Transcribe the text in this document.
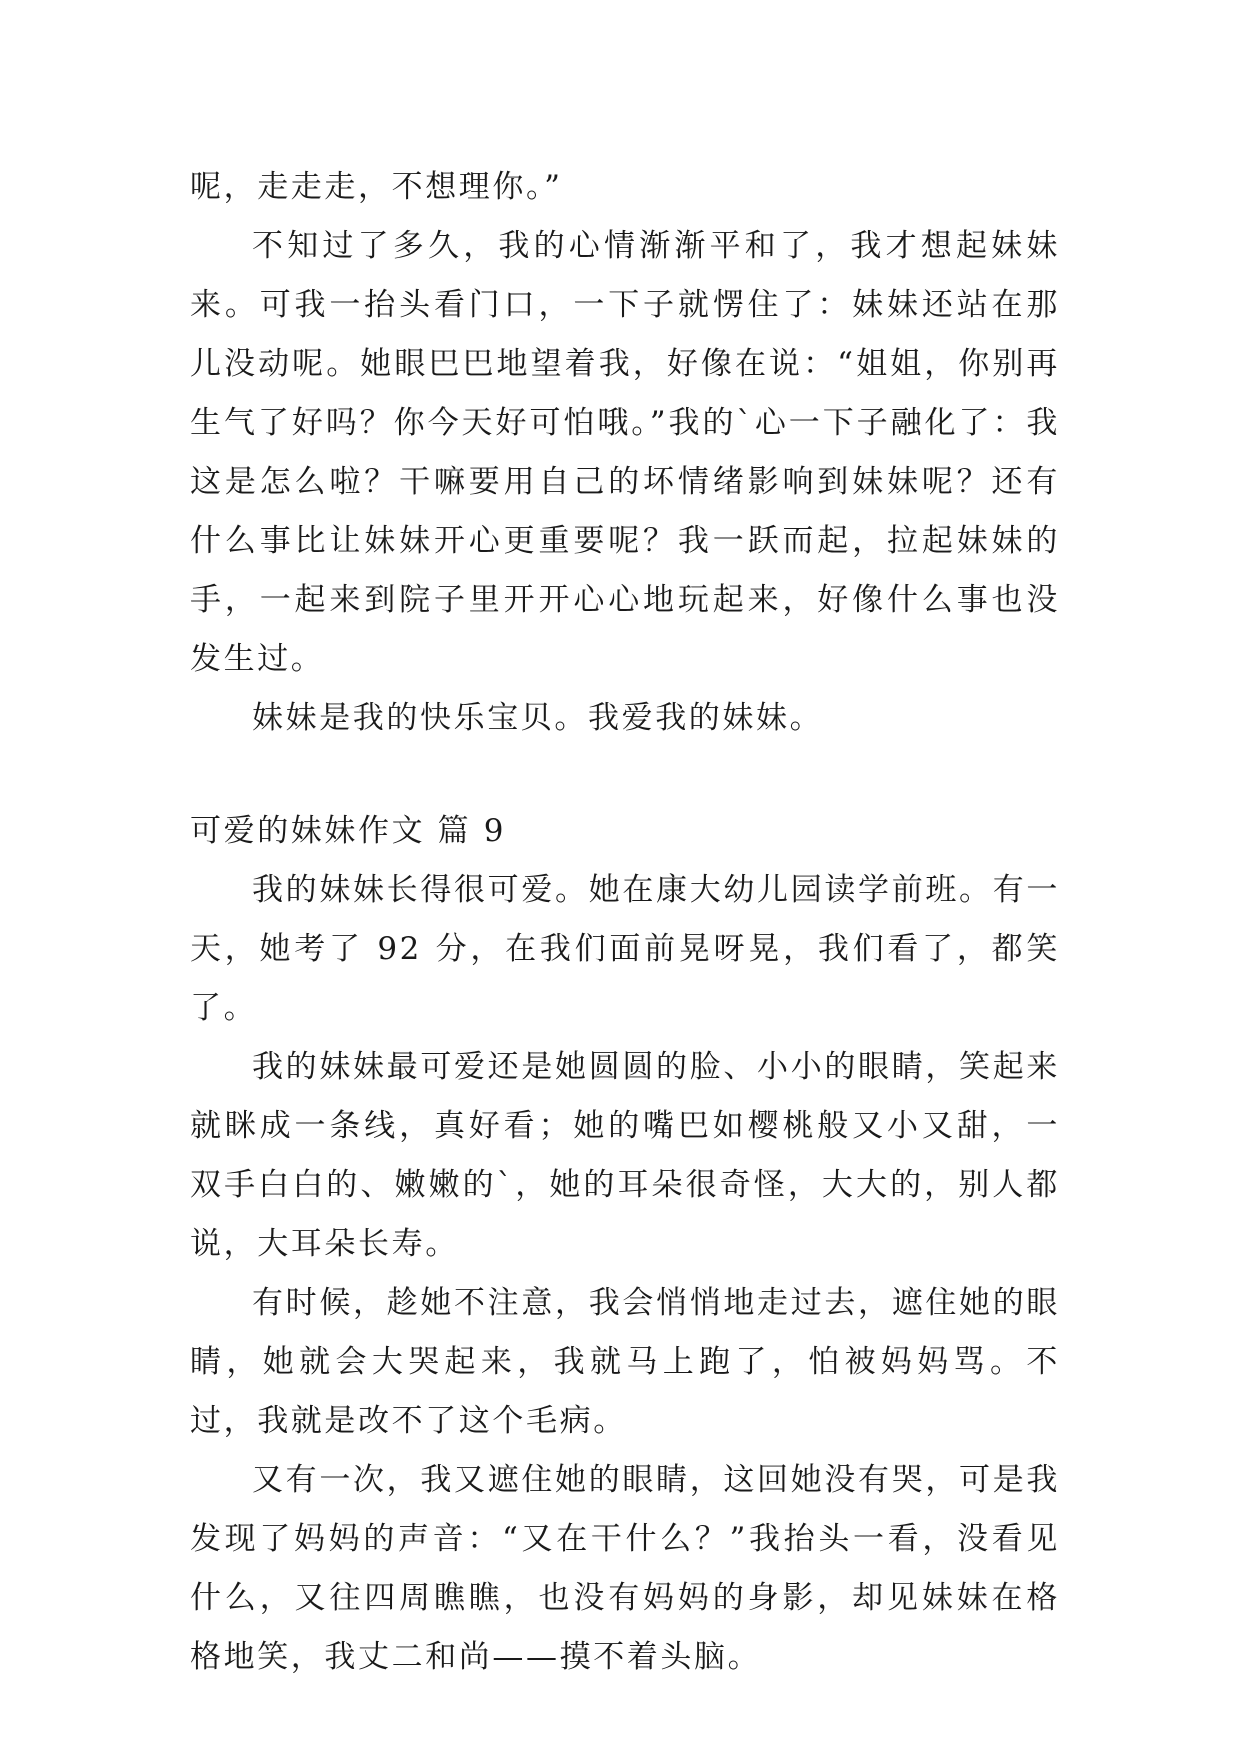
呢，走走走，不想理你。”

不知过了多久，我的心情渐渐平和了，我才想起妹妹来。可我一抬头看门口，一下子就愣住了：妹妹还站在那儿没动呢。她眼巴巴地望着我，好像在说：“姐姐，你别再生气了好吗？你今天好可怕哦。”我的`心一下子融化了：我这是怎么啦？干嘛要用自己的坏情绪影响到妹妹呢？还有什么事比让妹妹开心更重要呢？我一跃而起，拉起妹妹的手，一起来到院子里开开心心地玩起来，好像什么事也没发生过。

妹妹是我的快乐宝贝。我爱我的妹妹。

可爱的妹妹作文 篇 9

我的妹妹长得很可爱。她在康大幼儿园读学前班。有一天，她考了 92 分，在我们面前晃呀晃，我们看了，都笑了。

我的妹妹最可爱还是她圆圆的脸、小小的眼睛，笑起来就眯成一条线，真好看；她的嘴巴如樱桃般又小又甜，一双手白白的、嫩嫩的`，她的耳朵很奇怪，大大的，别人都说，大耳朵长寿。

有时候，趁她不注意，我会悄悄地走过去，遮住她的眼睛，她就会大哭起来，我就马上跑了，怕被妈妈骂。不过，我就是改不了这个毛病。

又有一次，我又遮住她的眼睛，这回她没有哭，可是我发现了妈妈的声音：“又在干什么？”我抬头一看，没看见什么，又往四周瞧瞧，也没有妈妈的身影，却见妹妹在格格地笑，我丈二和尚——摸不着头脑。
